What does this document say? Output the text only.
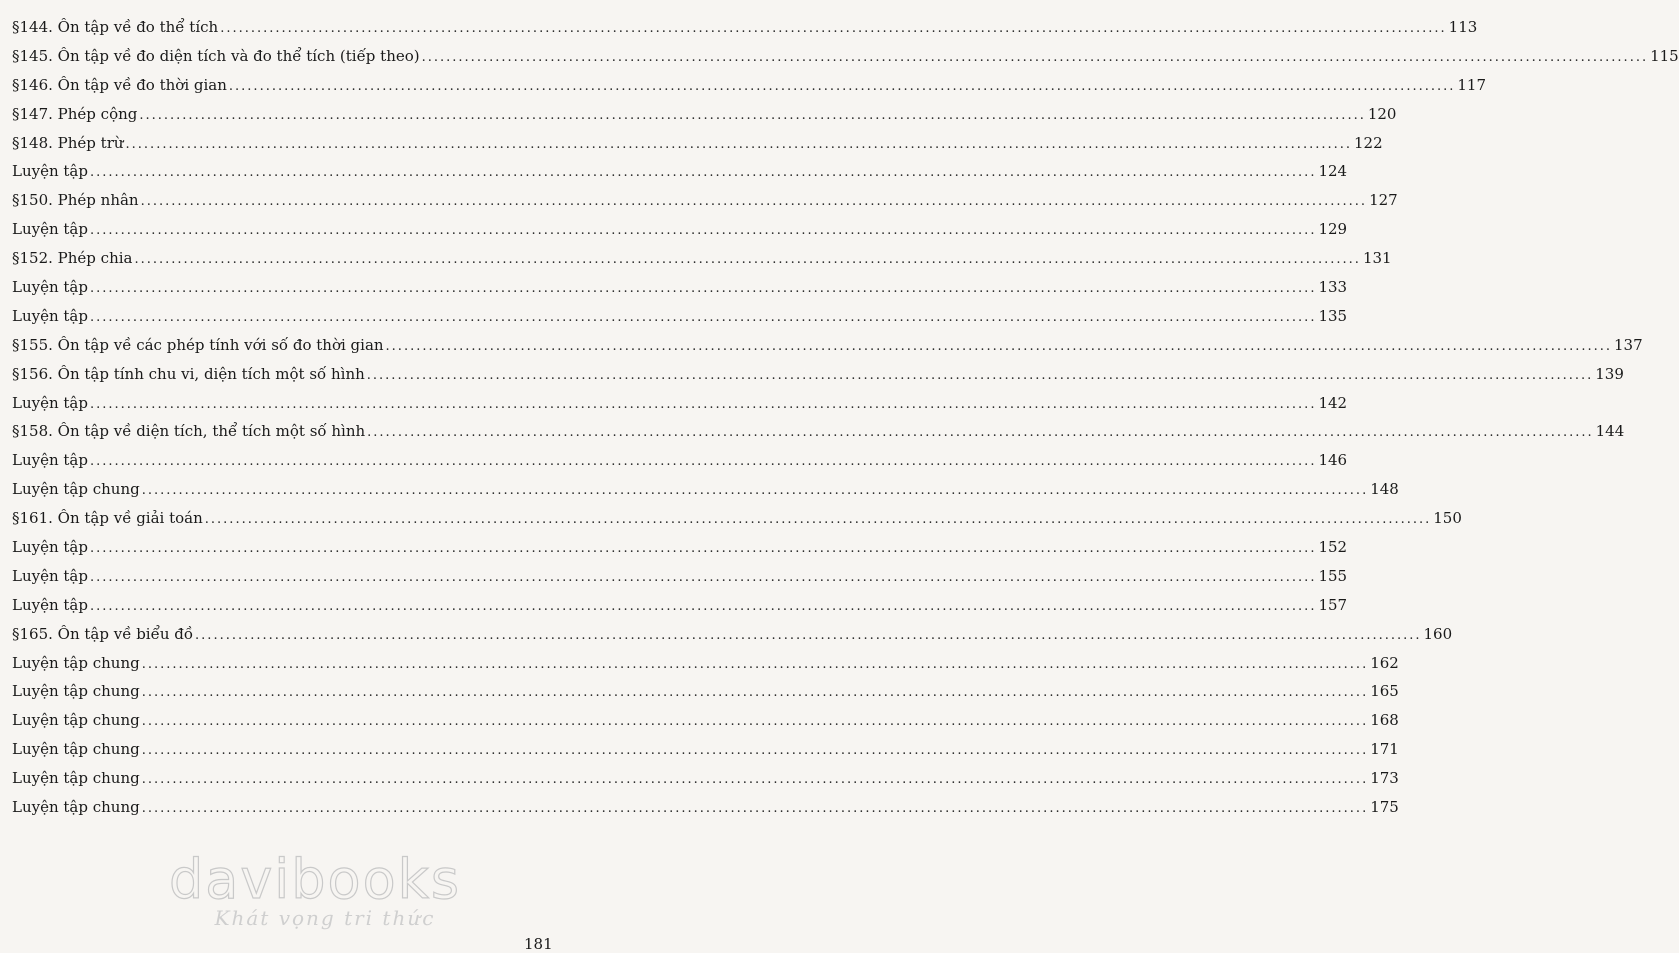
§144. Ôn tập về đo thể tích ........................................................................................................................................................................................................ 113
§145. Ôn tập về đo diện tích và đo thể tích (tiếp theo) ........................................................................................................................................................................................................ 115
§146. Ôn tập về đo thời gian ........................................................................................................................................................................................................ 117
§147. Phép cộng ........................................................................................................................................................................................................ 120
§148. Phép trừ ........................................................................................................................................................................................................ 122
Luyện tập ........................................................................................................................................................................................................ 124
§150. Phép nhân ........................................................................................................................................................................................................ 127
Luyện tập ........................................................................................................................................................................................................ 129
§152. Phép chia ........................................................................................................................................................................................................ 131
Luyện tập ........................................................................................................................................................................................................ 133
Luyện tập ........................................................................................................................................................................................................ 135
§155. Ôn tập về các phép tính với số đo thời gian ........................................................................................................................................................................................................ 137
§156. Ôn tập tính chu vi, diện tích một số hình ........................................................................................................................................................................................................ 139
Luyện tập ........................................................................................................................................................................................................ 142
§158. Ôn tập về diện tích, thể tích một số hình ........................................................................................................................................................................................................ 144
Luyện tập ........................................................................................................................................................................................................ 146
Luyện tập chung ........................................................................................................................................................................................................ 148
§161. Ôn tập về giải toán ........................................................................................................................................................................................................ 150
Luyện tập ........................................................................................................................................................................................................ 152
Luyện tập ........................................................................................................................................................................................................ 155
Luyện tập ........................................................................................................................................................................................................ 157
§165. Ôn tập về biểu đồ ........................................................................................................................................................................................................ 160
Luyện tập chung ........................................................................................................................................................................................................ 162
Luyện tập chung ........................................................................................................................................................................................................ 165
Luyện tập chung ........................................................................................................................................................................................................ 168
Luyện tập chung ........................................................................................................................................................................................................ 171
Luyện tập chung ........................................................................................................................................................................................................ 173
Luyện tập chung ........................................................................................................................................................................................................ 175
davibooks
Khát vọng tri thức
181
